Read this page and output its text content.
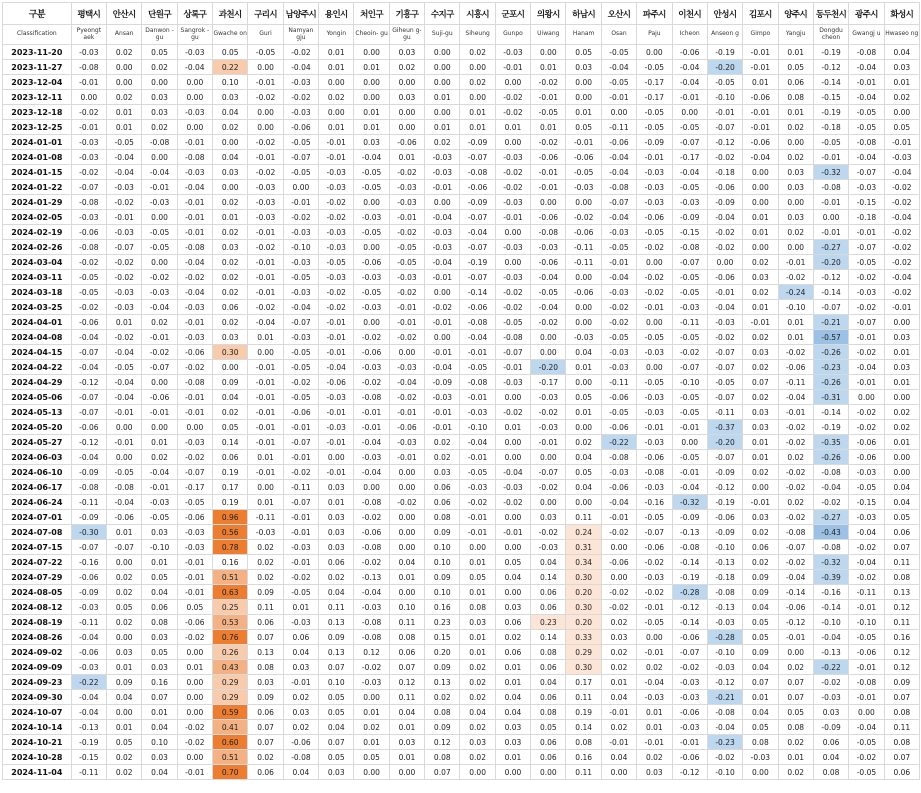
구분	평택시	안산시	단원구	상록구	과천시	구리시	남양주시	용인시	처인구	기흥구	수지구	시흥시	군포시	의왕시	하남시	오산시	파주시	이천시	안성시	김포시	양주시	동두천시	광주시	화성시
Classification	Pyeongt aek	Ansan	Danwon -gu	Sangrok -gu	Gwache on	Guri	Namyan gju	Yongin	Cheoin- gu	Giheun g-gu	Suji-gu	Siheung	Gunpo	Uiwang	Hanam	Osan	Paju	Icheon	Anseon g	Gimpo	Yangju	Dongdu cheon	Gwangj u	Hwaseo ng
2023-11-20	-0.03	0.02	0.05	-0.03	0.05	-0.05	-0.02	0.01	0.00	0.03	0.00	0.02	-0.03	0.00	0.05	-0.05	0.00	-0.06	-0.19	-0.01	0.01	-0.19	-0.08	0.04
2023-11-27	-0.08	0.00	0.02	-0.04	0.22	0.00	-0.04	0.01	0.01	0.02	0.00	0.00	-0.01	0.01	0.03	-0.04	-0.05	-0.04	-0.20	-0.01	0.05	-0.12	-0.04	0.03
2023-12-04	-0.01	0.00	0.00	0.00	0.10	-0.01	-0.03	0.00	0.00	0.00	0.00	0.02	0.00	-0.02	0.00	-0.05	-0.17	-0.04	-0.05	0.01	0.06	-0.14	-0.01	0.01
2023-12-11	0.00	0.02	0.03	0.00	0.03	-0.02	-0.02	0.02	0.00	0.03	0.01	0.00	-0.02	-0.01	0.00	-0.01	-0.17	-0.01	-0.10	-0.06	0.08	-0.15	-0.04	0.02
2023-12-18	-0.02	0.01	0.03	-0.03	0.04	0.00	-0.03	0.00	0.01	0.00	0.00	0.01	-0.02	-0.05	0.01	0.00	-0.05	0.00	-0.01	-0.01	0.01	-0.19	-0.05	0.00
2023-12-25	-0.01	0.01	0.02	0.00	0.02	0.00	-0.06	0.01	0.01	0.00	0.01	0.01	0.01	0.01	0.05	-0.11	-0.05	-0.05	-0.07	-0.01	0.02	-0.18	-0.05	0.05
2024-01-01	-0.03	-0.05	-0.08	-0.01	0.00	-0.02	-0.05	-0.01	0.03	-0.06	0.02	-0.09	0.00	-0.02	-0.01	-0.06	-0.09	-0.07	-0.12	-0.06	0.00	-0.05	-0.08	-0.01
2024-01-08	-0.03	-0.04	0.00	-0.08	0.04	-0.01	-0.07	-0.01	-0.04	0.01	-0.03	-0.07	-0.03	-0.06	-0.06	-0.04	-0.01	-0.17	-0.02	-0.04	0.02	-0.01	-0.04	-0.03
2024-01-15	-0.02	-0.04	-0.04	-0.03	0.03	-0.02	-0.05	-0.03	-0.05	-0.02	-0.03	-0.08	-0.02	-0.01	-0.05	-0.04	-0.03	-0.04	-0.18	0.00	0.03	-0.32	-0.07	-0.04
2024-01-22	-0.07	-0.03	-0.01	-0.04	0.00	-0.03	0.00	-0.03	-0.05	-0.03	-0.01	-0.06	-0.02	-0.01	-0.03	-0.08	-0.03	-0.05	-0.06	0.00	0.03	-0.08	-0.03	-0.02
2024-01-29	-0.08	-0.02	-0.03	-0.01	0.02	-0.03	-0.01	-0.02	0.00	-0.03	0.00	-0.09	-0.03	0.00	0.00	-0.07	-0.03	-0.03	-0.09	0.00	0.00	-0.01	-0.15	-0.02
2024-02-05	-0.03	-0.01	0.00	-0.01	0.01	-0.03	-0.02	-0.02	-0.03	-0.01	-0.04	-0.07	-0.01	-0.06	-0.02	-0.04	-0.06	-0.09	-0.04	0.01	0.03	0.00	-0.18	-0.04
2024-02-19	-0.06	-0.03	-0.05	-0.01	0.02	-0.01	-0.03	-0.03	-0.05	-0.02	-0.03	-0.04	0.00	-0.08	-0.06	-0.03	-0.05	-0.15	-0.02	0.01	0.02	-0.01	-0.01	-0.02
2024-02-26	-0.08	-0.07	-0.05	-0.08	0.03	-0.02	-0.10	-0.03	0.00	-0.05	-0.03	-0.07	-0.03	-0.03	-0.11	-0.05	-0.02	-0.08	-0.02	0.00	0.00	-0.27	-0.07	-0.02
2024-03-04	-0.02	-0.02	0.00	-0.04	0.02	-0.01	-0.03	-0.05	-0.06	-0.05	-0.04	-0.19	0.00	-0.06	-0.11	-0.01	0.00	-0.07	0.00	0.02	-0.01	-0.20	-0.05	-0.02
2024-03-11	-0.05	-0.02	-0.02	-0.02	0.02	-0.01	-0.05	-0.03	-0.03	-0.03	-0.01	-0.07	-0.03	-0.04	0.00	-0.04	-0.02	-0.05	-0.06	0.03	-0.02	-0.12	-0.02	-0.04
2024-03-18	-0.05	-0.03	-0.03	-0.04	0.02	-0.01	-0.03	-0.02	-0.05	-0.02	0.00	-0.14	-0.02	-0.05	-0.06	-0.03	-0.02	-0.05	-0.01	0.02	-0.24	-0.14	-0.03	-0.02
2024-03-25	-0.02	-0.03	-0.04	-0.03	0.06	-0.02	-0.04	-0.02	-0.03	-0.01	-0.02	-0.06	-0.02	-0.04	0.00	-0.02	-0.01	-0.03	-0.04	0.01	-0.10	-0.07	-0.02	-0.01
2024-04-01	-0.06	0.01	0.02	-0.01	0.02	-0.04	-0.07	-0.01	0.00	-0.01	-0.01	-0.08	-0.05	-0.02	0.00	-0.02	0.00	-0.11	-0.03	-0.01	0.01	-0.21	-0.07	0.00
2024-04-08	-0.04	-0.02	-0.01	-0.03	0.03	0.01	-0.03	-0.01	-0.02	-0.02	0.00	-0.04	-0.08	0.00	-0.03	-0.05	-0.05	-0.05	-0.02	0.02	0.01	-0.57	-0.01	0.03
2024-04-15	-0.07	-0.04	-0.02	-0.06	0.30	0.00	-0.05	-0.01	-0.06	0.00	-0.01	-0.01	-0.07	0.00	0.04	-0.03	-0.03	-0.02	-0.07	0.03	-0.02	-0.26	-0.02	0.01
2024-04-22	-0.04	-0.05	-0.07	-0.02	0.00	-0.01	-0.05	-0.04	-0.03	-0.03	-0.04	-0.05	-0.01	-0.20	0.01	-0.03	0.00	-0.07	-0.07	0.02	-0.06	-0.23	-0.04	0.03
2024-04-29	-0.12	-0.04	0.00	-0.08	0.09	-0.01	-0.02	-0.06	-0.02	-0.04	-0.09	-0.08	-0.03	-0.17	0.00	-0.11	-0.05	-0.10	-0.05	0.07	-0.11	-0.26	-0.01	0.01
2024-05-06	-0.07	-0.04	-0.06	-0.01	0.04	-0.01	-0.05	-0.03	-0.08	-0.02	-0.03	-0.01	0.00	-0.03	0.05	-0.06	-0.03	-0.05	-0.07	0.02	-0.04	-0.31	0.00	0.00
2024-05-13	-0.07	-0.01	-0.01	-0.01	0.02	-0.01	-0.06	-0.01	-0.01	-0.01	-0.01	-0.03	-0.02	-0.02	0.01	-0.05	-0.03	-0.05	-0.11	0.03	-0.01	-0.14	-0.02	0.02
2024-05-20	-0.06	0.00	0.00	0.00	0.05	-0.01	-0.01	-0.03	-0.01	-0.06	-0.01	-0.10	0.01	-0.03	0.00	-0.06	-0.01	-0.01	-0.37	0.03	-0.02	-0.19	-0.02	0.02
2024-05-27	-0.12	-0.01	0.01	-0.03	0.14	-0.01	-0.07	-0.01	-0.04	-0.03	0.02	-0.04	0.00	-0.01	0.02	-0.22	-0.03	0.00	-0.20	0.01	-0.02	-0.35	-0.06	0.01
2024-06-03	-0.04	0.00	0.02	-0.02	0.06	0.01	-0.01	0.00	-0.03	-0.01	0.02	-0.01	0.00	0.00	0.04	-0.08	-0.06	-0.05	-0.07	0.01	0.02	-0.26	-0.06	0.00
2024-06-10	-0.09	-0.05	-0.04	-0.07	0.19	-0.01	-0.02	-0.01	-0.04	0.00	0.03	-0.05	-0.04	-0.07	0.05	-0.03	-0.08	-0.01	-0.09	0.02	-0.02	-0.08	-0.03	0.00
2024-06-17	-0.08	-0.08	-0.01	-0.17	0.17	0.00	-0.11	0.03	0.00	0.00	0.06	-0.03	-0.03	-0.02	0.04	-0.06	-0.03	-0.04	-0.12	0.00	-0.02	-0.04	-0.05	0.04
2024-06-24	-0.11	-0.04	-0.03	-0.05	0.19	0.01	-0.07	0.01	-0.08	-0.02	0.06	-0.02	-0.02	0.00	0.00	-0.04	-0.16	-0.32	-0.19	-0.01	0.02	-0.02	-0.15	0.04
2024-07-01	-0.09	-0.06	-0.05	-0.06	0.96	-0.11	-0.01	0.03	-0.02	0.00	0.08	-0.01	0.00	0.03	0.11	-0.01	-0.05	-0.09	-0.06	0.03	-0.02	-0.27	-0.03	0.05
2024-07-08	-0.30	0.01	0.03	-0.03	0.56	-0.03	-0.01	0.03	-0.06	0.00	0.09	-0.01	-0.01	-0.02	0.24	-0.02	-0.07	-0.13	-0.09	0.02	-0.08	-0.43	-0.04	0.06
2024-07-15	-0.07	-0.07	-0.10	-0.03	0.78	0.02	-0.03	0.03	-0.08	0.00	0.10	0.00	0.00	-0.03	0.31	0.00	-0.06	-0.08	-0.10	0.06	-0.07	-0.08	-0.02	0.07
2024-07-22	-0.16	0.00	0.01	-0.01	0.16	0.02	-0.01	0.06	-0.02	0.04	0.10	0.01	0.05	0.04	0.34	-0.06	-0.02	-0.14	-0.13	0.02	-0.02	-0.32	-0.04	0.11
2024-07-29	-0.06	0.02	0.05	-0.01	0.51	0.02	-0.02	0.02	-0.13	0.01	0.09	0.05	0.04	0.14	0.30	0.00	-0.03	-0.19	-0.18	0.09	-0.04	-0.39	-0.02	0.08
2024-08-05	-0.09	0.02	0.04	-0.01	0.63	0.09	-0.05	0.04	-0.04	0.00	0.10	0.01	0.00	0.06	0.20	-0.02	-0.02	-0.28	-0.08	0.09	-0.14	-0.16	-0.11	0.13
2024-08-12	-0.03	0.05	0.06	0.05	0.25	0.11	0.01	0.11	-0.03	0.10	0.16	0.08	0.03	0.06	0.30	-0.02	-0.01	-0.12	-0.13	0.04	-0.06	-0.14	-0.01	0.12
2024-08-19	-0.11	0.02	0.08	-0.06	0.53	0.06	-0.03	0.13	-0.08	0.11	0.23	0.03	0.06	0.23	0.20	0.02	-0.05	-0.14	-0.03	0.05	-0.12	-0.10	-0.10	0.11
2024-08-26	-0.04	0.00	0.03	-0.02	0.76	0.07	0.06	0.09	-0.08	0.08	0.15	0.01	0.02	0.14	0.33	0.03	0.00	-0.06	-0.28	0.05	-0.01	-0.04	-0.05	0.16
2024-09-02	-0.06	0.03	0.05	0.00	0.26	0.13	0.04	0.13	0.12	0.06	0.20	0.01	0.06	0.08	0.29	0.02	-0.01	-0.07	-0.10	0.09	0.00	-0.13	-0.06	0.12
2024-09-09	-0.03	0.01	0.03	0.01	0.43	0.08	0.03	0.07	-0.02	0.07	0.09	0.02	0.01	0.06	0.30	0.02	0.02	-0.02	-0.03	0.04	0.02	-0.22	-0.01	0.12
2024-09-23	-0.22	0.09	0.16	0.00	0.29	0.03	-0.01	0.10	-0.03	0.12	0.13	0.02	0.01	0.04	0.17	0.01	-0.04	-0.03	-0.12	0.07	0.07	-0.02	-0.08	0.09
2024-09-30	-0.04	0.04	0.07	0.00	0.29	0.09	0.02	0.05	0.00	0.11	0.02	0.02	0.04	0.06	0.11	0.04	-0.03	-0.03	-0.21	0.01	0.07	-0.03	-0.01	0.07
2024-10-07	-0.04	0.00	0.01	0.00	0.59	0.06	0.03	0.05	0.01	0.04	0.08	0.04	0.04	0.08	0.19	-0.01	0.01	-0.06	-0.08	0.04	0.05	0.03	0.00	0.08
2024-10-14	-0.13	0.01	0.04	-0.02	0.41	0.07	0.02	0.04	0.02	0.01	0.09	0.02	0.03	0.05	0.14	0.02	0.01	-0.03	-0.04	0.05	0.08	-0.09	-0.04	0.11
2024-10-21	-0.19	0.05	0.10	-0.02	0.60	0.07	-0.06	0.07	0.01	0.03	0.12	0.03	0.03	0.06	0.08	-0.01	-0.01	-0.01	-0.23	0.08	0.02	0.06	-0.05	0.08
2024-10-28	-0.15	0.02	0.03	0.00	0.51	0.02	-0.08	0.05	0.05	0.01	0.08	0.02	0.01	0.06	0.16	0.04	0.02	-0.06	-0.02	-0.03	0.01	0.04	-0.02	0.07
2024-11-04	-0.11	0.02	0.04	-0.01	0.70	0.06	0.04	0.03	0.00	0.00	0.07	0.00	0.00	0.00	0.11	0.00	0.03	-0.12	-0.10	0.00	0.02	0.08	-0.05	0.06
